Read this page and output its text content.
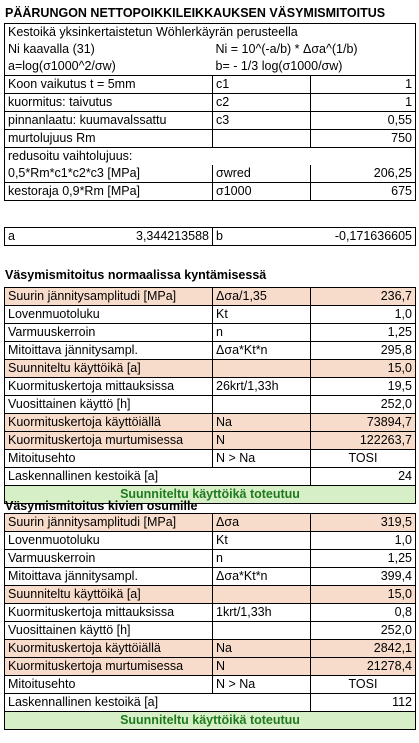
PÄÄRUNGON NETTOPOIKKILEIKKAUKSEN VÄSYMISMITOITUS
Kestoikä yksinkertaistetun Wöhlerkäyrän perusteella		
Ni kaavalla (31)	Ni = 10^(-a/b) * Δσa^(1/b)	
a=log(σ1000^2/σw)	b= - 1/3 log(σ1000/σw)	
Koon vaikutus t = 5mm	c1	1
kuormitus: taivutus	c2	1
pinnanlaatu: kuumavalssattu	c3	0,55
murtolujuus Rm		750
redusoitu vaihtolujuus:		
0,5*Rm*c1*c2*c3 [MPa]	σwred	206,25
kestoraja 0,9*Rm [MPa]	σ1000	675
a	3,344213588	b	-0,171636605
Väsymismitoitus normaalissa kyntämisessä
Suurin jännitysamplitudi [MPa]	Δσa/1,35	236,7
Lovenmuotoluku	Kt	1,0
Varmuuskerroin	n	1,25
Mitoittava jännitysampl.	Δσa*Kt*n	295,8
Suunniteltu käyttöikä [a]		15,0
Kuormituskertoja mittauksissa	26krt/1,33h	19,5
Vuosittainen käyttö [h]		252,0
Kuormituskertoja käyttöiällä	Na	73894,7
Kuormituskertoja murtumisessa	N	122263,7
Mitoitusehto	N > Na	TOSI
Laskennallinen kestoikä [a]		24
Suunniteltu käyttöikä toteutuu		
Väsymismitoitus kivien osumille
Suurin jännitysamplitudi [MPa]	Δσa	319,5
Lovenmuotoluku	Kt	1,0
Varmuuskerroin	n	1,25
Mitoittava jännitysampl.	Δσa*Kt*n	399,4
Suunniteltu käyttöikä [a]		15,0
Kuormituskertoja mittauksissa	1krt/1,33h	0,8
Vuosittainen käyttö [h]		252,0
Kuormituskertoja käyttöiällä	Na	2842,1
Kuormituskertoja murtumisessa	N	21278,4
Mitoitusehto	N > Na	TOSI
Laskennallinen kestoikä [a]		112
Suunniteltu käyttöikä toteutuu		
